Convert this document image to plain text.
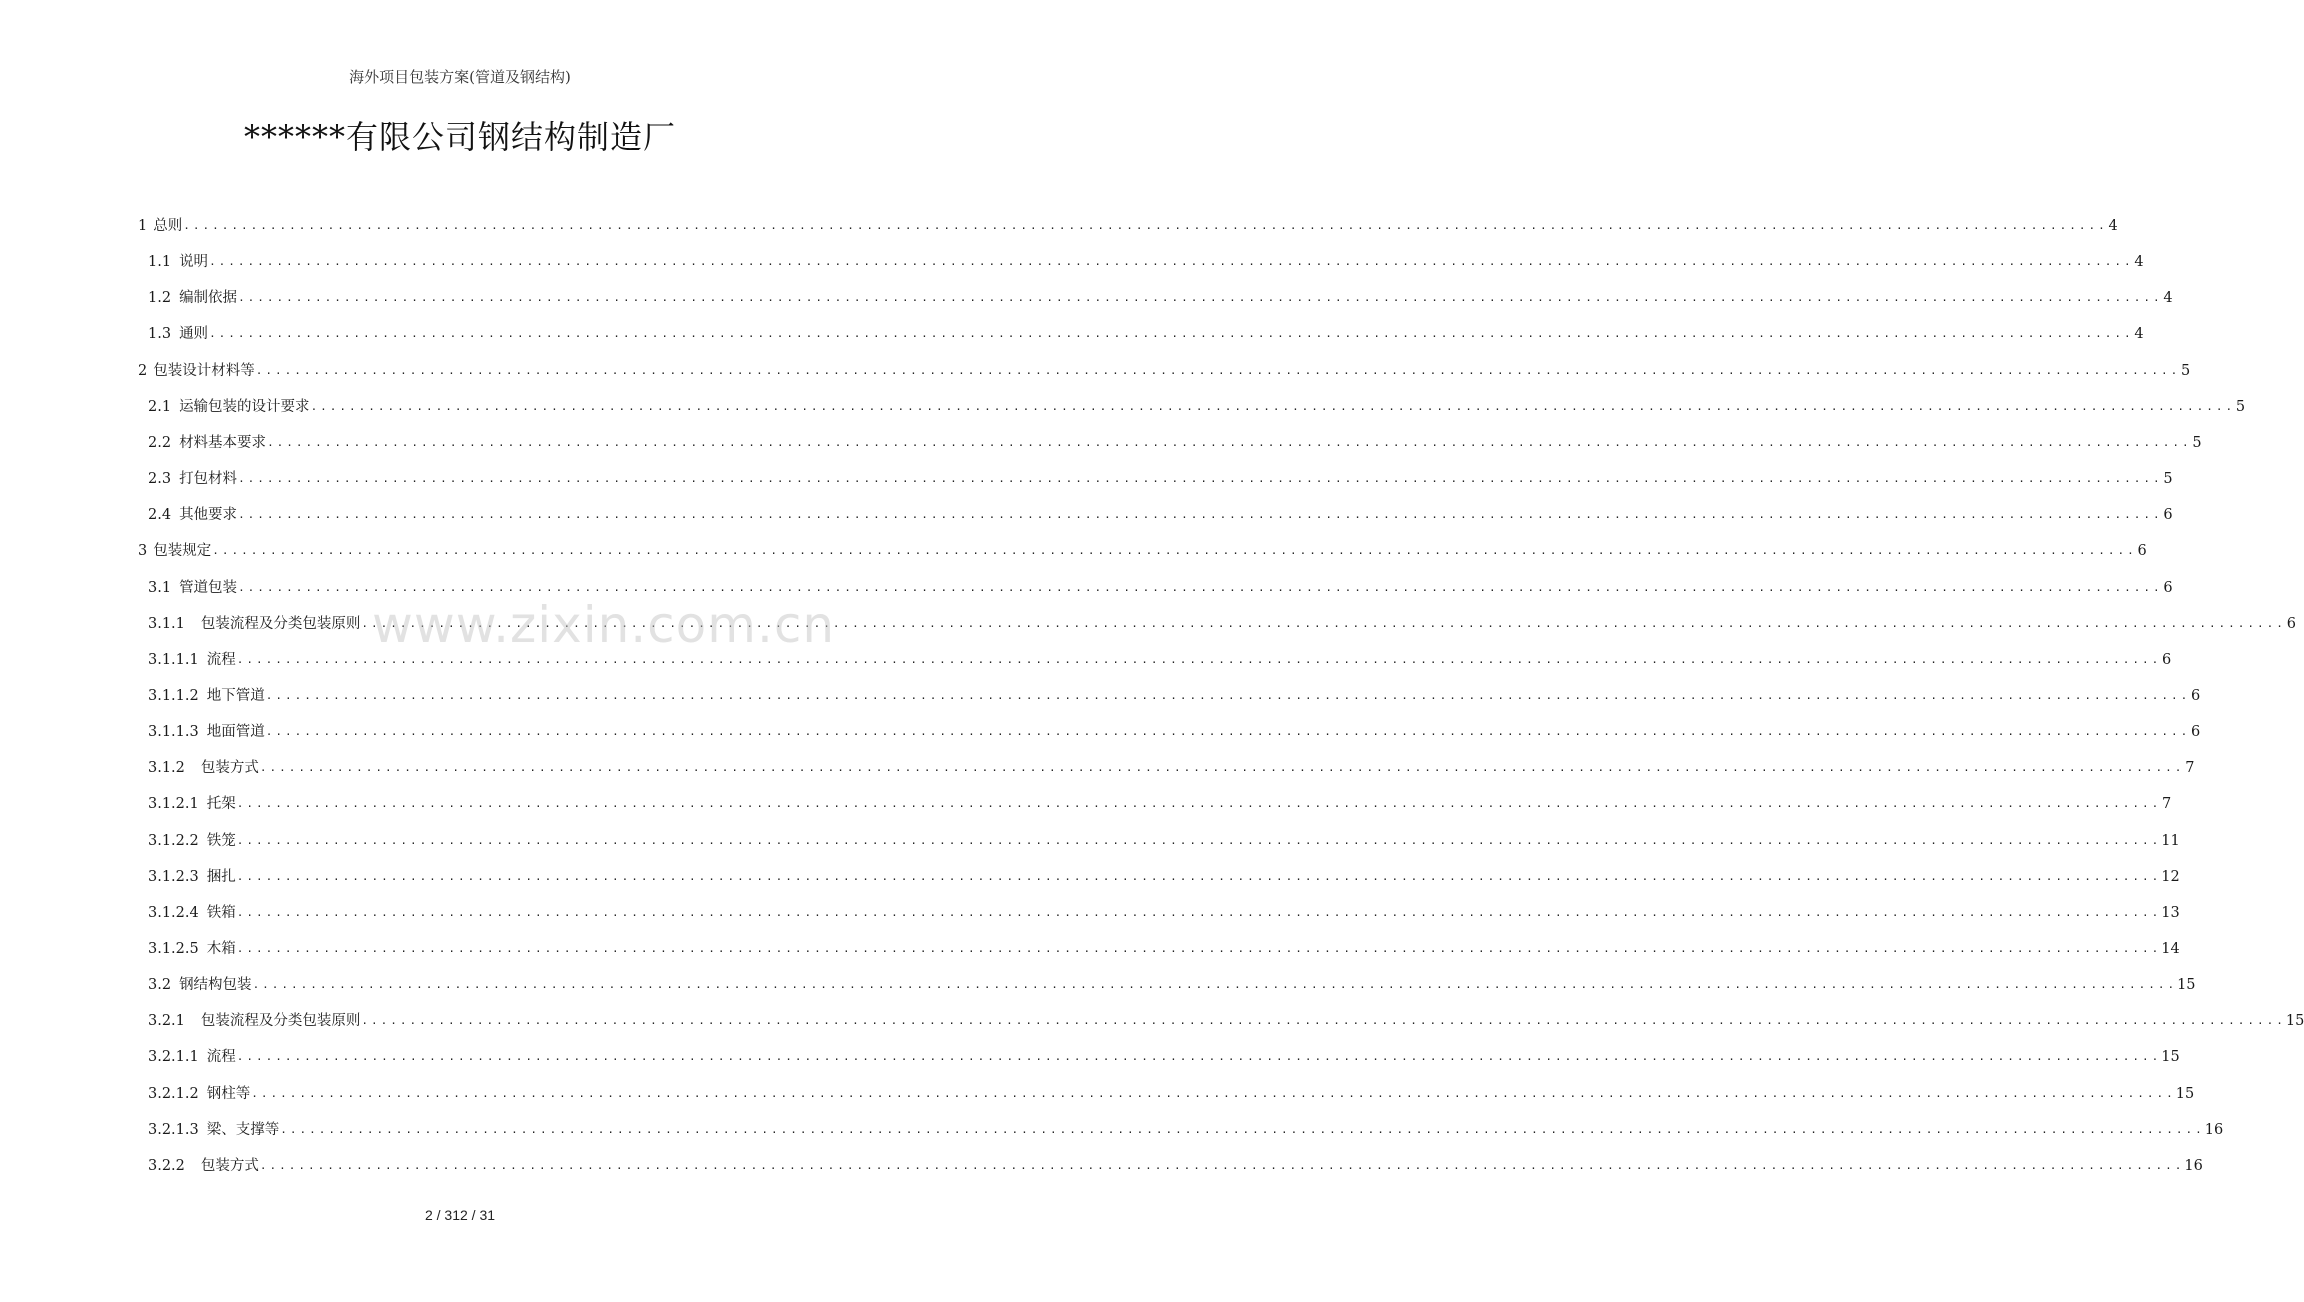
海外项目包装方案(管道及钢结构)
******有限公司钢结构制造厂
1 总则 ........................................................................................................................................................................................................ 4
1.1 说明 ........................................................................................................................................................................................................ 4
1.2 编制依据 ........................................................................................................................................................................................................ 4
1.3 通则 ........................................................................................................................................................................................................ 4
2 包装设计材料等 ........................................................................................................................................................................................................ 5
2.1 运输包装的设计要求 ........................................................................................................................................................................................................ 5
2.2 材料基本要求 ........................................................................................................................................................................................................ 5
2.3 打包材料 ........................................................................................................................................................................................................ 5
2.4 其他要求 ........................................................................................................................................................................................................ 6
3 包装规定 ........................................................................................................................................................................................................ 6
3.1 管道包装 ........................................................................................................................................................................................................ 6
3.1.1	包装流程及分类包装原则 ........................................................................................................................................................................................................ 6
3.1.1.1 流程 ........................................................................................................................................................................................................ 6
3.1.1.2 地下管道 ........................................................................................................................................................................................................ 6
3.1.1.3 地面管道 ........................................................................................................................................................................................................ 6
3.1.2	包装方式 ........................................................................................................................................................................................................ 7
3.1.2.1 托架 ........................................................................................................................................................................................................ 7
3.1.2.2 铁笼 ........................................................................................................................................................................................................ 11
3.1.2.3 捆扎 ........................................................................................................................................................................................................ 12
3.1.2.4 铁箱 ........................................................................................................................................................................................................ 13
3.1.2.5 木箱 ........................................................................................................................................................................................................ 14
3.2 钢结构包装 ........................................................................................................................................................................................................ 15
3.2.1	包装流程及分类包装原则 ........................................................................................................................................................................................................ 15
3.2.1.1 流程 ........................................................................................................................................................................................................ 15
3.2.1.2 钢柱等 ........................................................................................................................................................................................................ 15
3.2.1.3 梁、支撑等 ........................................................................................................................................................................................................ 16
3.2.2	包装方式 ........................................................................................................................................................................................................ 16
www.zixin.com.cn
2 / 312 / 31
